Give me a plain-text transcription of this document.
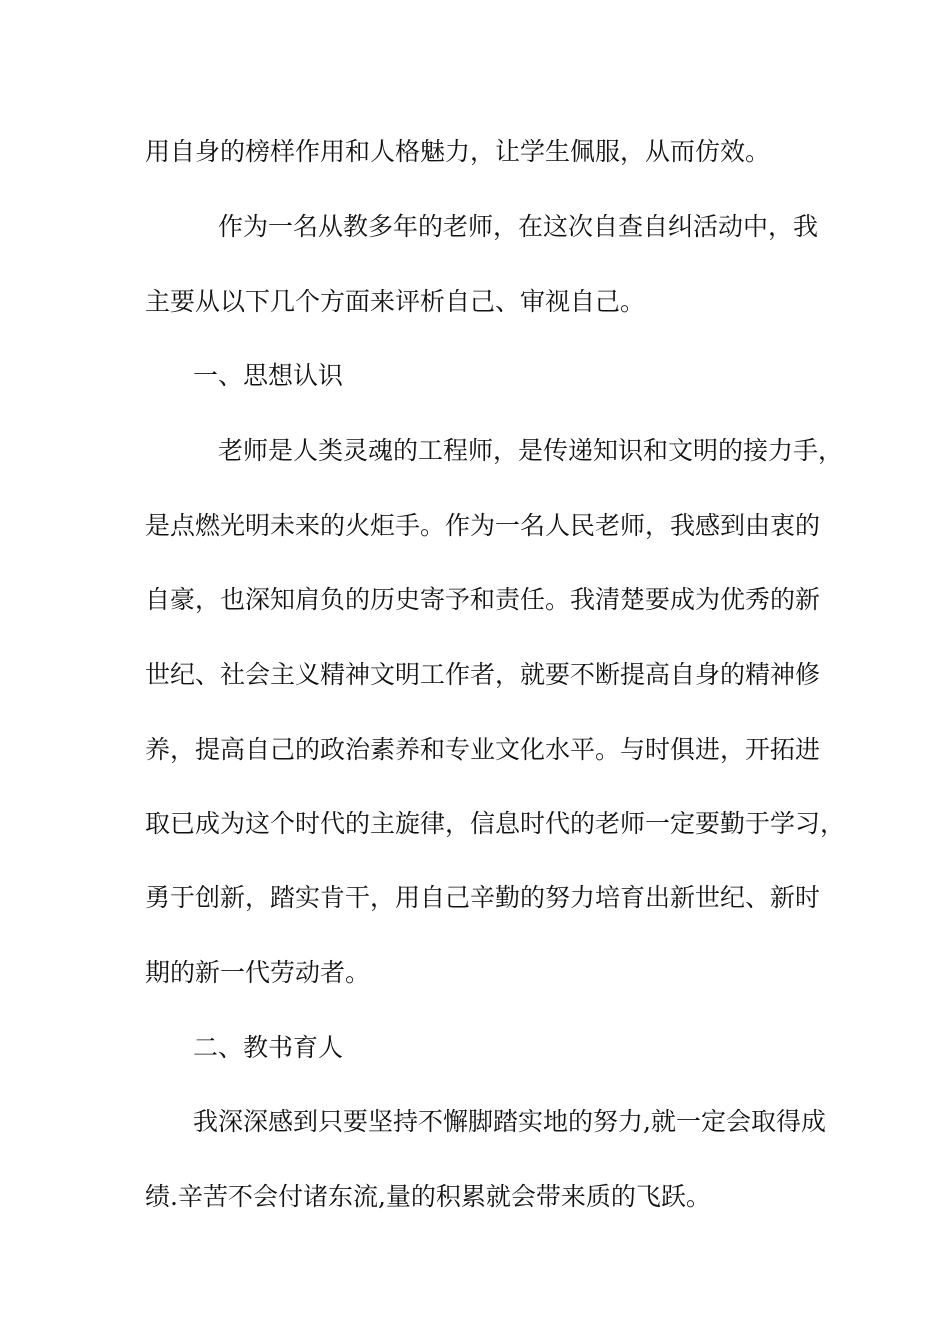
用自身的榜样作用和人格魅力，让学生佩服，从而仿效。
作为一名从教多年的老师，在这次自查自纠活动中，我
主要从以下几个方面来评析自己、审视自己。
一、思想认识
老师是人类灵魂的工程师，是传递知识和文明的接力手，
是点燃光明未来的火炬手。作为一名人民老师，我感到由衷的
自豪，也深知肩负的历史寄予和责任。我清楚要成为优秀的新
世纪、社会主义精神文明工作者，就要不断提高自身的精神修
养，提高自己的政治素养和专业文化水平。与时俱进，开拓进
取已成为这个时代的主旋律，信息时代的老师一定要勤于学习，
勇于创新，踏实肯干，用自己辛勤的努力培育出新世纪、新时
期的新一代劳动者。
二、教书育人
我深深感到只要坚持不懈脚踏实地的努力,就一定会取得成
绩.辛苦不会付诸东流,量的积累就会带来质的飞跃。
